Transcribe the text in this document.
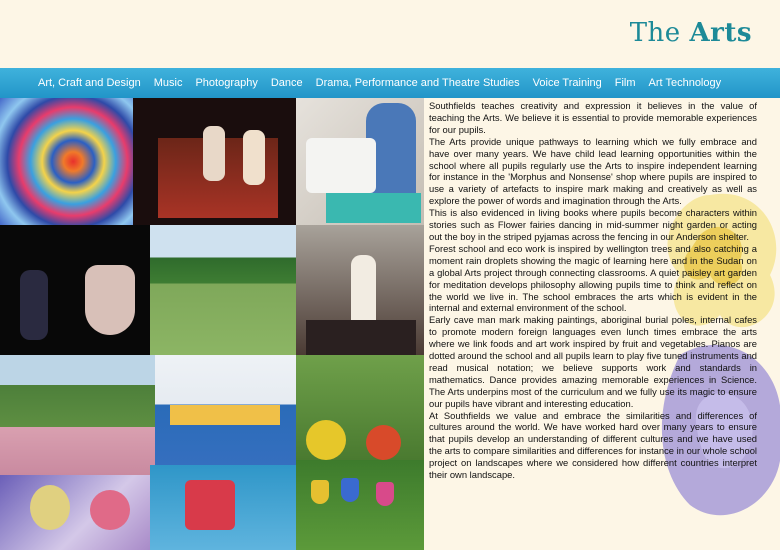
The Arts
Art, Craft and Design Music Photography Dance Drama, Performance and Theatre Studies Voice Training Film Art Technology

Southfields teaches creativity and expression it believes in the value of teaching the Arts. We believe it is essential to provide memorable experiences for our pupils.

The Arts provide unique pathways to learning which we fully embrace and have over many years. We have child lead learning opportunities within the school where all pupils regularly use the Arts to inspire independent learning for instance in the 'Morphus and Nonsense' shop where pupils are inspired to use a variety of artefacts to inspire mark making and creatively as well as explore the power of words and imagination through the Arts.

This is also evidenced in living books where pupils become characters within stories such as Flower fairies dancing in mid-summer night garden or acting out the boy in the striped pyjamas across the fencing in our Anderson shelter.

Forest school and eco work is inspired by wellington trees and also catching a moment rain droplets showing the magic of learning here and in the Sudan on a global Arts project through connecting classrooms. A quiet paisley art garden for meditation develops philosophy allowing pupils time to think and reflect on the world we live in. The school embraces the arts which is evident in the internal and external environment of the school.

Early cave man mark making paintings, aboriginal burial poles, internal cafes to promote modern foreign languages even lunch times embrace the arts where we link foods and art work inspired by fruit and vegetables. Pianos are dotted around the school and all pupils learn to play five tuned instruments and read musical notation; we believe supports work and standards in mathematics. Dance provides amazing memorable experiences in Science. The Arts underpins most of the curriculum and we fully use its magic to ensure our pupils have vibrant and interesting education.

At Southfields we value and embrace the similarities and differences of cultures around the world. We have worked hard over many years to ensure that pupils develop an understanding of different cultures and we have used the arts to compare similarities and differences for instance in our whole school project on landscapes where we considered how different countries interpret their own landscape.
